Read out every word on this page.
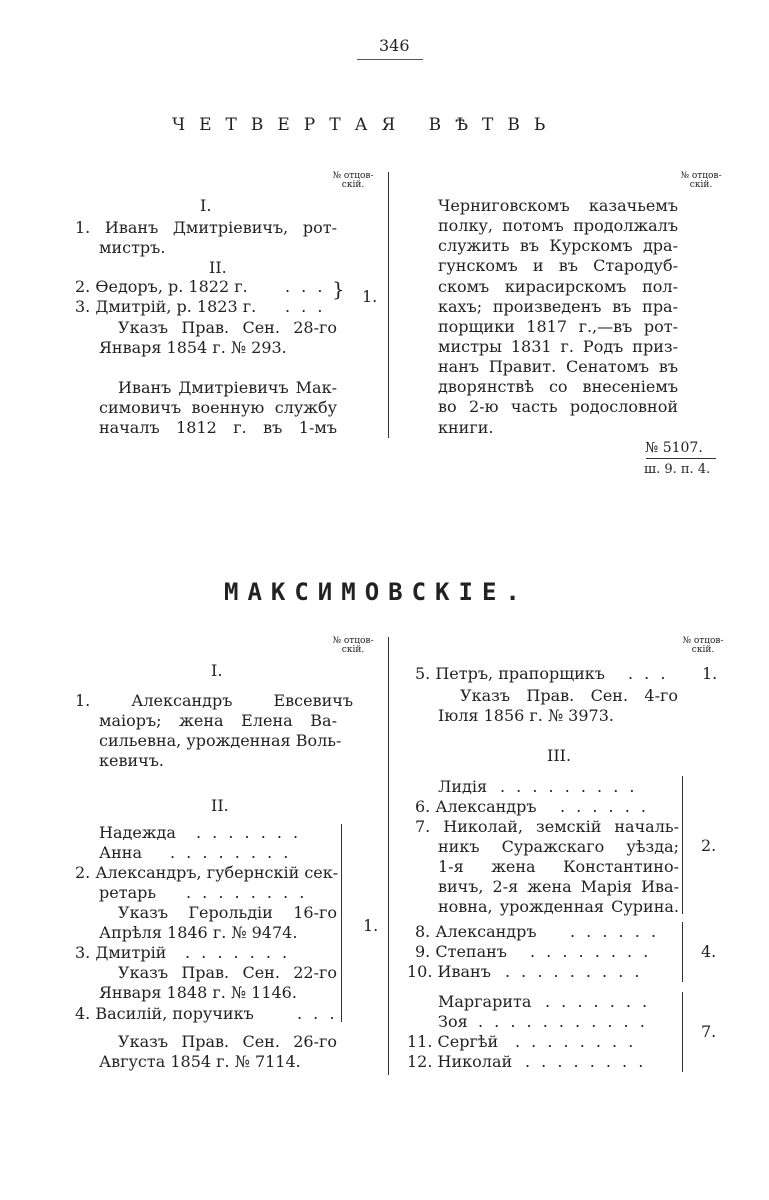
346
ЧЕТВЕРТАЯ ВѢТВЬ
№ отцов-
скій.
I.
1. Иванъ Дмитріевичъ, рот-
мистръ.
II.
2. Ѳедоръ, р. 1822 г. . . .
3. Дмитрій, р. 1823 г. . . .
} 1.
Указъ Прав. Сен. 28-го
Января 1854 г. № 293.
Иванъ Дмитріевичъ Мак-
симовичъ военную службу
началъ 1812 г. въ 1-мъ
№ отцов-
скій.
Черниговскомъ казачьемъ
полку, потомъ продолжалъ
служить въ Курскомъ дра-
гунскомъ и въ Стародуб-
скомъ кирасирскомъ пол-
кахъ; произведенъ въ пра-
порщики 1817 г.,—въ рот-
мистры 1831 г. Родъ приз-
нанъ Правит. Сенатомъ въ
дворянствѣ со внесеніемъ
во 2-ю часть родословной
книги.
№ 5107.
ш. 9. п. 4.
МАКСИМОВСКІЕ.
№ отцов-
скій.
I.
1. Александръ Евсевичъ
маіоръ; жена Елена Ва-
сильевна, урожденная Воль-
кевичъ.
II.
Надежда . . . . . . .
Анна . . . . . . . .
2. Александръ, губернскій сек-
ретарь . . . . . . . .
Указъ Герольдіи 16-го
Апрѣля 1846 г. № 9474.
3. Дмитрій . . . . . . .
Указъ Прав. Сен. 22-го
Января 1848 г. № 1146.
4. Василій, поручикъ	. . .
1.
Указъ Прав. Сен. 26-го
Августа 1854 г. № 7114.
№ отцов-
скій.
5. Петръ, прапорщикъ . . . 1.
Указъ Прав. Сен. 4-го
Іюля 1856 г. № 3973.
III.
Лидія . . . . . . . . .
6. Александръ . . . . . .
7. Николай, земскій началь-
никъ Суражскаго уѣзда;
1-я жена Константино-
вичъ, 2-я жена Марія Ива-
новна, урожденная Сурина.
2.
8. Александръ . . . . . .
9. Степанъ . . . . . . . .
10. Иванъ . . . . . . . . .
4.
Маргарита . . . . . . .
Зоя . . . . . . . . . . .
11. Сергѣй . . . . . . . .
12. Николай . . . . . . . .
7.
